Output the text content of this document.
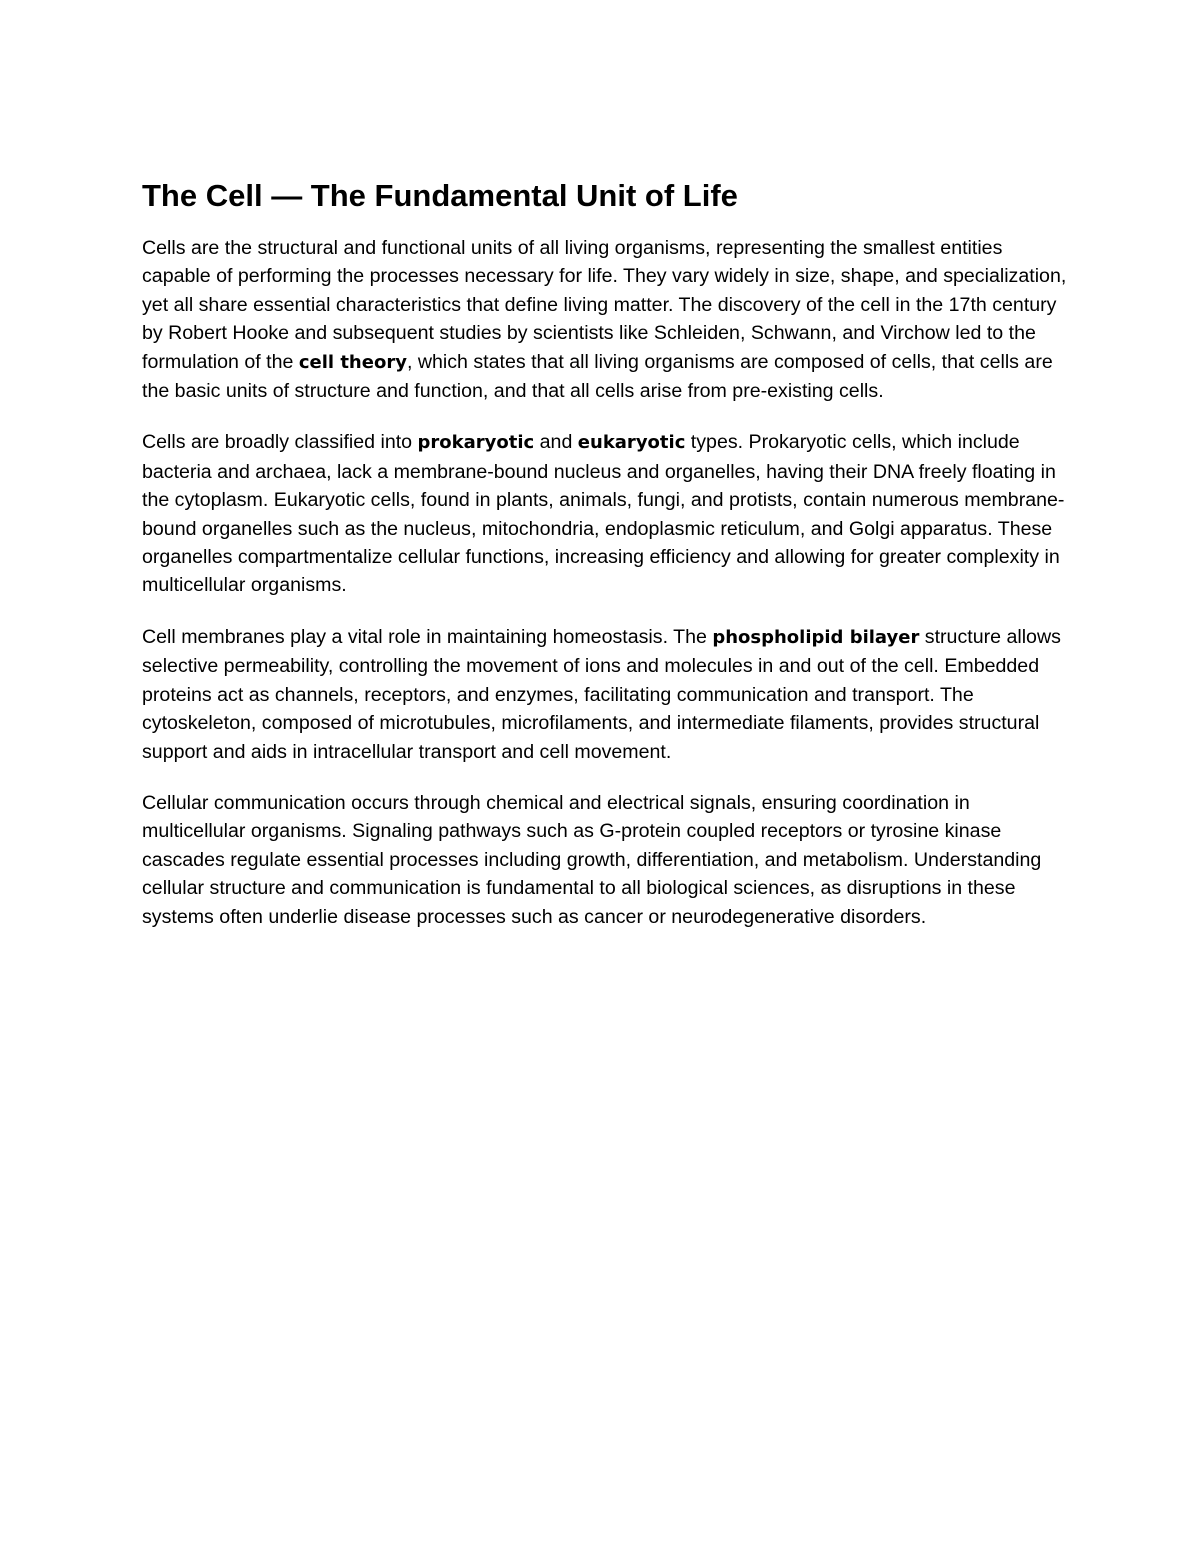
The Cell — The Fundamental Unit of Life

Cells are the structural and functional units of all living organisms, representing the smallest entities capable of performing the processes necessary for life. They vary widely in size, shape, and specialization, yet all share essential characteristics that define living matter. The discovery of the cell in the 17th century by Robert Hooke and subsequent studies by scientists like Schleiden, Schwann, and Virchow led to the formulation of the cell theory, which states that all living organisms are composed of cells, that cells are the basic units of structure and function, and that all cells arise from pre-existing cells.

Cells are broadly classified into prokaryotic and eukaryotic types. Prokaryotic cells, which include bacteria and archaea, lack a membrane-bound nucleus and organelles, having their DNA freely floating in the cytoplasm. Eukaryotic cells, found in plants, animals, fungi, and protists, contain numerous membrane-bound organelles such as the nucleus, mitochondria, endoplasmic reticulum, and Golgi apparatus. These organelles compartmentalize cellular functions, increasing efficiency and allowing for greater complexity in multicellular organisms.

Cell membranes play a vital role in maintaining homeostasis. The phospholipid bilayer structure allows selective permeability, controlling the movement of ions and molecules in and out of the cell. Embedded proteins act as channels, receptors, and enzymes, facilitating communication and transport. The cytoskeleton, composed of microtubules, microfilaments, and intermediate filaments, provides structural support and aids in intracellular transport and cell movement.

Cellular communication occurs through chemical and electrical signals, ensuring coordination in multicellular organisms. Signaling pathways such as G-protein coupled receptors or tyrosine kinase cascades regulate essential processes including growth, differentiation, and metabolism. Understanding cellular structure and communication is fundamental to all biological sciences, as disruptions in these systems often underlie disease processes such as cancer or neurodegenerative disorders.
